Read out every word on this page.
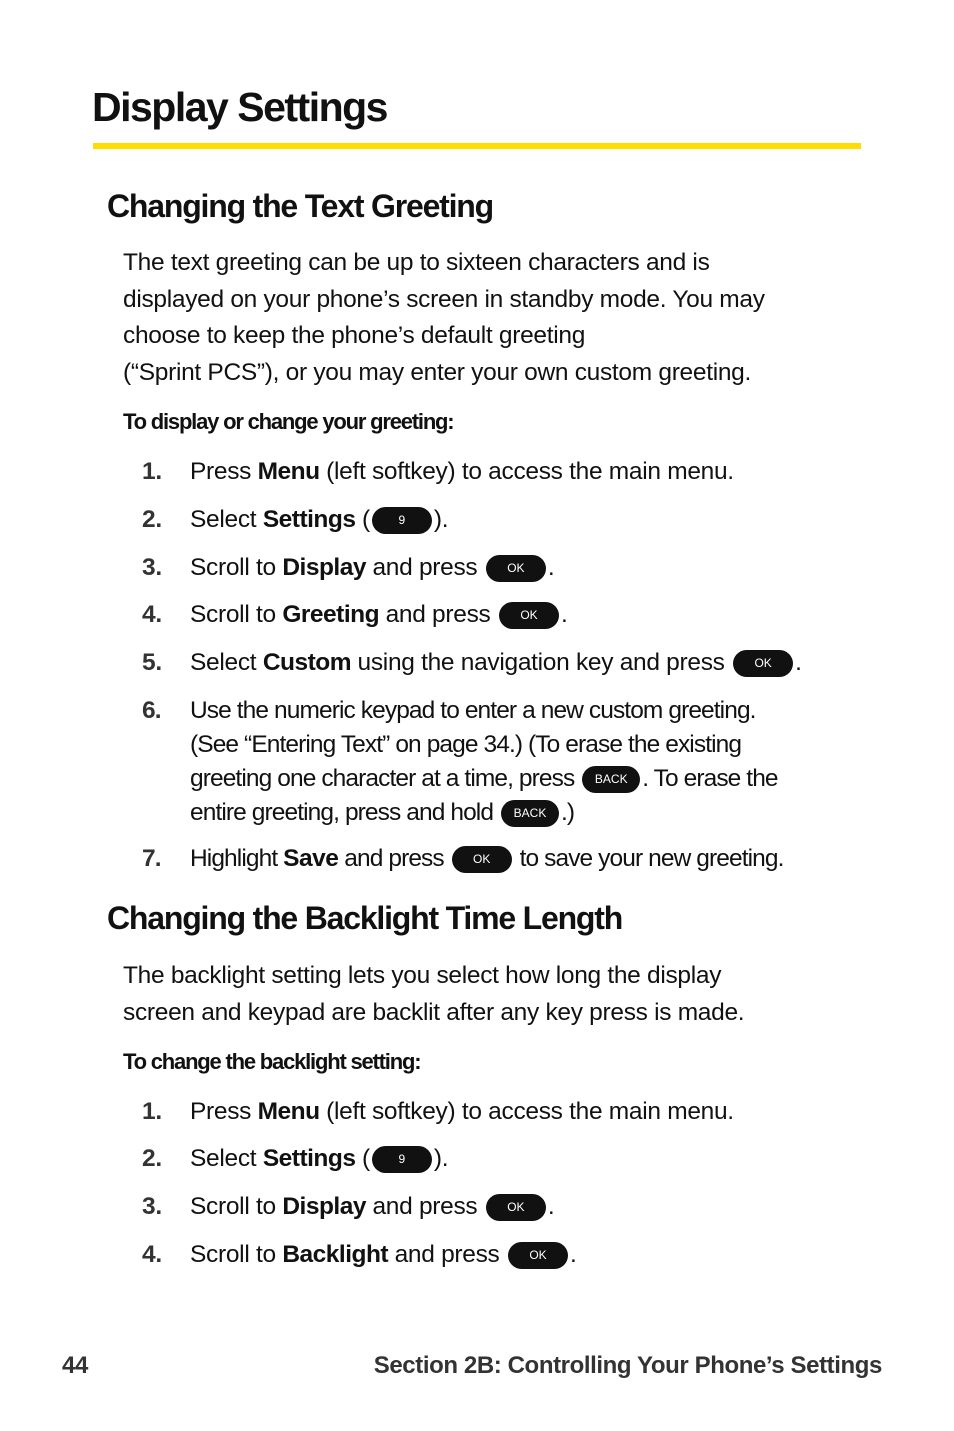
Display Settings
Changing the Text Greeting

The text greeting can be up to sixteen characters and is
displayed on your phone’s screen in standby mode. You may
choose to keep the phone’s default greeting
(“Sprint PCS”), or you may enter your own custom greeting.

To display or change your greeting:

1. Press Menu (left softkey) to access the main menu.
2. Select Settings ( 9 ).
3. Scroll to Display and press OK .
4. Scroll to Greeting and press OK .
5. Select Custom using the navigation key and press OK .
6. Use the numeric keypad to enter a new custom greeting.
(See “Entering Text” on page 34.) (To erase the existing
greeting one character at a time, press BACK . To erase the
entire greeting, press and hold BACK .)
7. Highlight Save and press OK to save your new greeting.
Changing the Backlight Time Length

The backlight setting lets you select how long the display
screen and keypad are backlit after any key press is made.

To change the backlight setting:

1. Press Menu (left softkey) to access the main menu.
2. Select Settings ( 9 ).
3. Scroll to Display and press OK .
4. Scroll to Backlight and press OK .

44	Section 2B: Controlling Your Phone’s Settings
